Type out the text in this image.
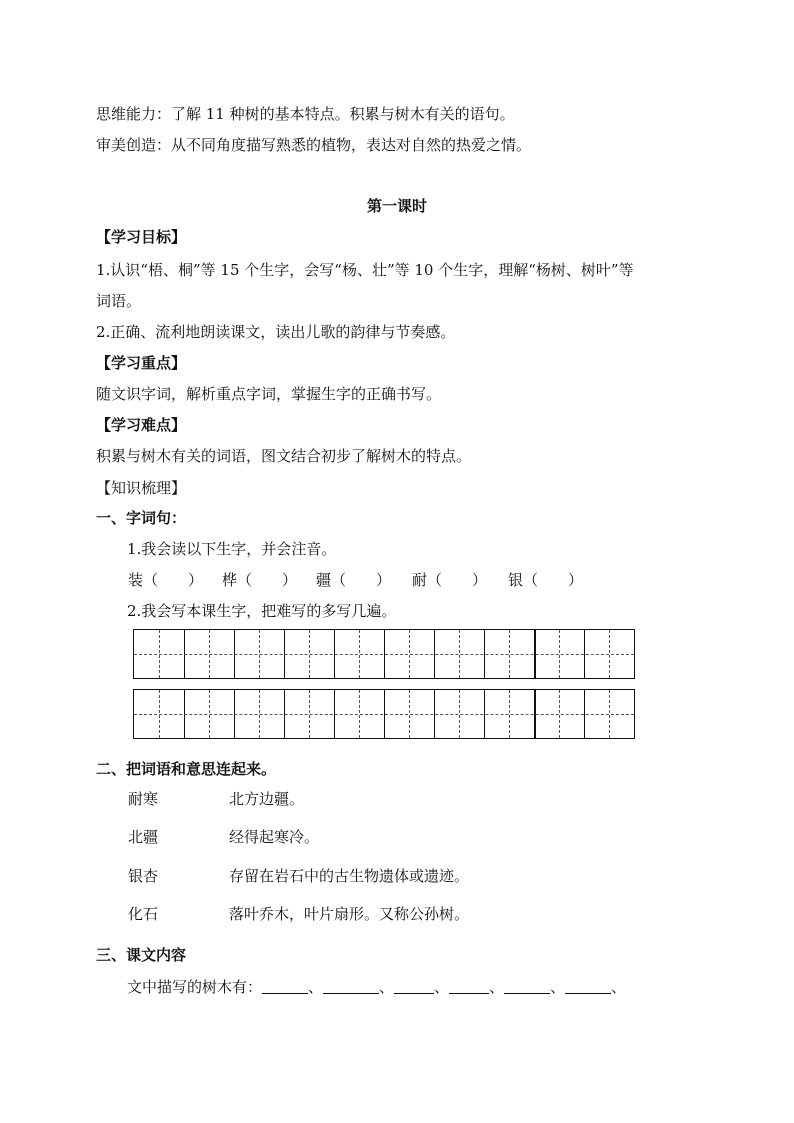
思维能力：了解 11 种树的基本特点。积累与树木有关的语句。
审美创造：从不同角度描写熟悉的植物，表达对自然的热爱之情。
第一课时
【学习目标】
1.认识“梧、桐”等 15 个生字，会写“杨、壮”等 10 个生字，理解“杨树、树叶”等
词语。
2.正确、流利地朗读课文，读出儿歌的韵律与节奏感。
【学习重点】
随文识字词，解析重点字词，掌握生字的正确书写。
【学习难点】
积累与树木有关的词语，图文结合初步了解树木的特点。
【知识梳理】
一、字词句：
1.我会读以下生字，并会注音。
装（　　） 桦（　　） 疆（　　） 耐（　　） 银（　　）
2.我会写本课生字，把难写的多写几遍。
二、把词语和意思连起来。
耐寒	北方边疆。
北疆	经得起寒冷。
银杏	存留在岩石中的古生物遗体或遗迹。
化石	落叶乔木，叶片扇形。又称公孙树。
三、课文内容
文中描写的树木有：	、	、	、	、	、	、
